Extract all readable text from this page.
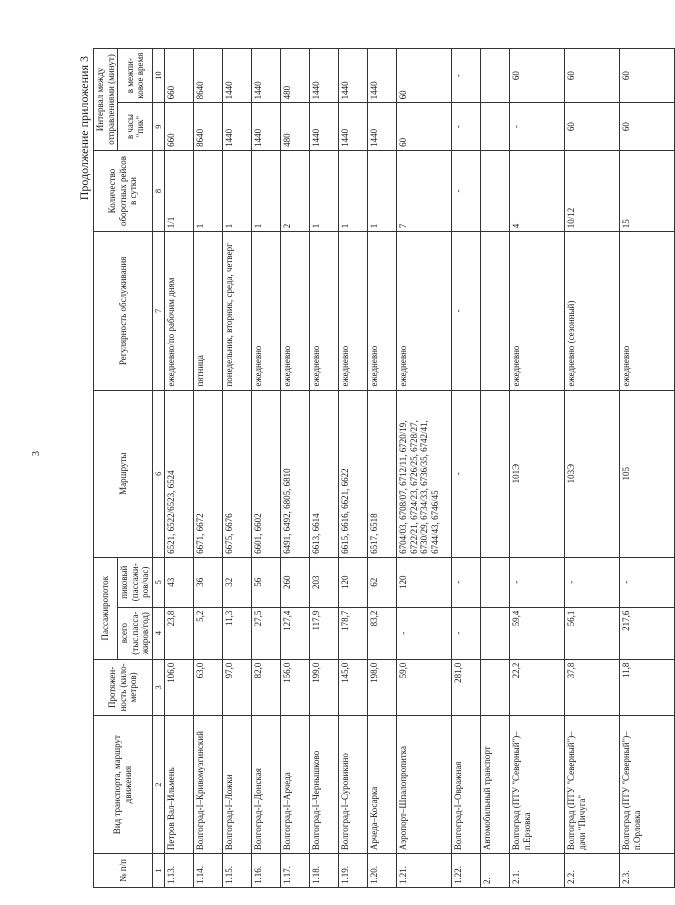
3
Продолжение приложения 3
№ п/п	Вид транспорта, маршрут движения	Протяжен-ность (кило-метров)	Пассажиропоток		Маршруты	Регулярность обслуживания	Количество оборотных рейсов в сутки	Интервал между отправлениями (минут)	
			всего (тыс.пасса-жиров/год)	пиковый (пассажи-ров/час)				в часы "пик"	в межпи-ковое время
1	2	3	4	5	6	7	8	9	10
1.13.	Петров Вал–Ильмень	106,0	23,8	43	6521, 6522/6523, 6524	ежедневно/по рабочим дням	1/1	660	660
1.14.	Волгоград-I–Кривомузгинский	63,0	5,2	36	6671, 6672	пятница	1	8640	8640
1.15.	Волгоград-I–Ложки	97,0	11,3	32	6675, 6676	понедельник, вторник, среда, четверг	1	1440	1440
1.16.	Волгоград-I–Донская	82,0	27,5	56	6601, 6602	ежедневно	1	1440	1440
1.17.	Волгоград-I–Арчеда	156,0	127,4	260	6491, 6492, 6805, 6810	ежедневно	2	480	480
1.18.	Волгоград-I–Чернышково	199,0	117,9	203	6613, 6614	ежедневно	1	1440	1440
1.19.	Волгоград-I–Суровикино	145,0	178,7	120	6615, 6616, 6621, 6622	ежедневно	1	1440	1440
1.20.	Арчеда–Косарка	198,0	83,2	62	6517, 6518	ежедневно	1	1440	1440
1.21.	Аэропорт–Шпалопропитка	59,0	-	120	6704/03, 6708/07, 6712/11, 6720/19, 6722/21, 6724/23, 6726/25, 6728/27, 6730/29, 6734/33, 6736/35, 6742/41, 6744/43, 6746/45	ежедневно	7	60	60
1.22.	Волгоград-I–Овражная	281,0	-	-	-	-	-	-	-
2.	Автомобильный транспорт								
2.1.	Волгоград (ПТУ "Северный")–п.Ерзовка	22,2	59,4	-	101Э	ежедневно	4	-	60
2.2.	Волгоград (ПТУ "Северный")–дачи "Пичуга"	37,8	56,1	-	103Э	ежедневно (сезонный)	10/12	60	60
2.3.	Волгоград (ПТУ "Северный")–п.Орловка	11,8	217,6	-	105	ежедневно	15	60	60
